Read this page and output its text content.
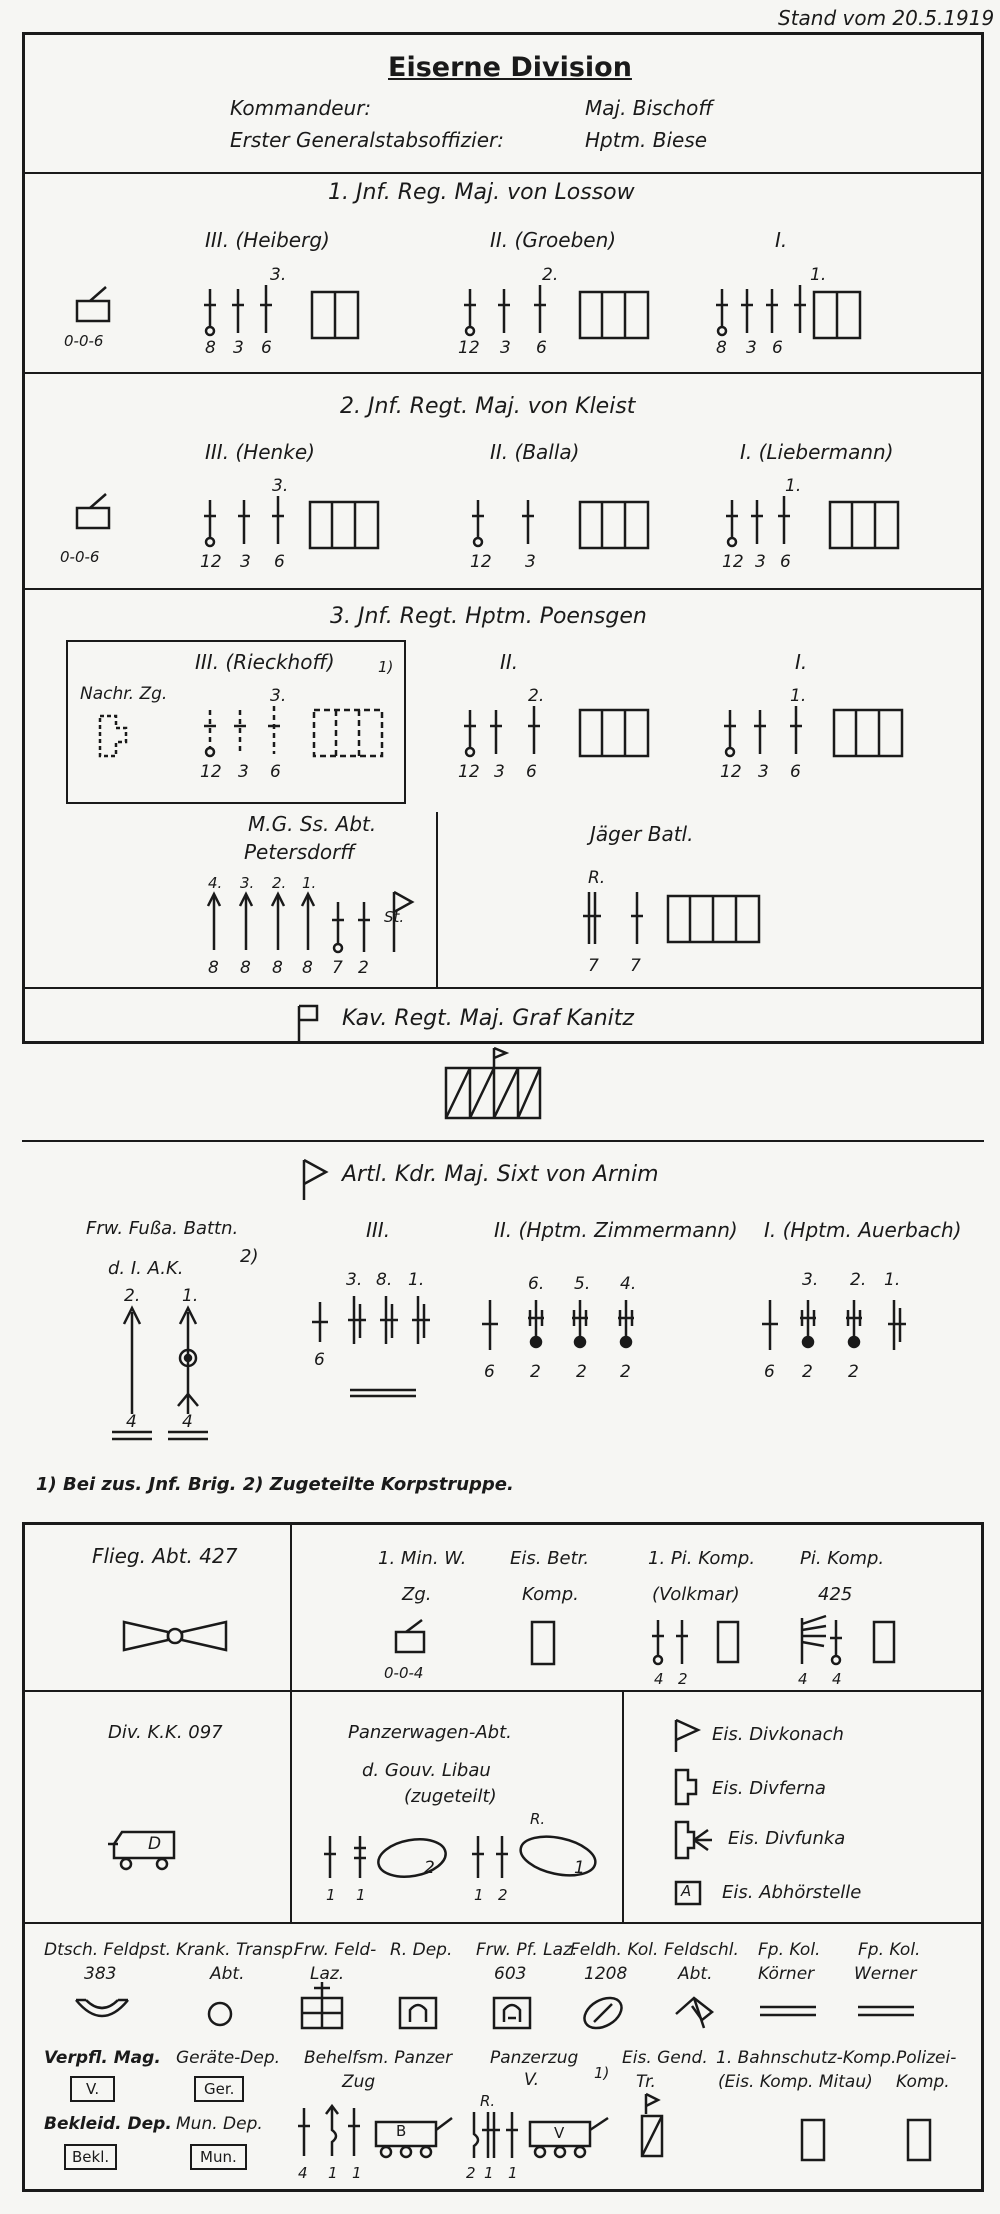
Stand vom 20.5.1919
Eiserne Division
Kommandeur:	Maj. Bischoff
Erster Generalstabsoffizier:	Hptm. Biese
1. Jnf. Reg. Maj. von Lossow
0-0-6
III. (Heiberg)
3.
8 3 6
II. (Groeben)
2.
12 3 6
I.
1.
8 3 6
2. Jnf. Regt. Maj. von Kleist
0-0-6
III. (Henke)
3.
12 3 6
II. (Balla)
12 3
I. (Liebermann)
1.
12 3 6
3. Jnf. Regt. Hptm. Poensgen
Nachr. Zg.
III. (Rieckhoff)	1)
3.
12 3 6
II.
2.
12 3 6
I.
1.
12 3 6
M.G. Ss. Abt.
Petersdorff
4. 3. 2. 1.
St.
8 8 8 8 7 2
Jäger Batl.
R.
7 7
Kav. Regt. Maj. Graf Kanitz
Artl. Kdr. Maj. Sixt von Arnim
Frw. Fußa. Battn.
2)
d. I. A.K.
2. 1.
4	4
III.
3. 8. 1.
6
II. (Hptm. Zimmermann)
6. 5. 4.
6 2 2 2
I. (Hptm. Auerbach)
3. 2. 1.
6 2 2
1) Bei zus. Jnf. Brig. 2) Zugeteilte Korpstruppe.
Flieg. Abt. 427	1. Min. W.
Zg.
0-0-4
Eis. Betr.
Komp.
1. Pi. Komp.
(Volkmar)
4 2
Pi. Komp.
425
4 4
Div. K.K. 097
D
Panzerwagen-Abt.
d. Gouv. Libau
(zugeteilt)
R.
2	1
1 1	1 2
Eis. Divkonach
Eis. Divferna
Eis. Divfunka
A Eis. Abhörstelle
Dtsch. Feldpst.
383
Krank. Transp.
Abt.
Frw. Feld-
Laz.
R. Dep. Frw. Pf. Laz.
603
Feldh. Kol.
1208
Feldschl.
Abt.
Fp. Kol.
Körner
Fp. Kol.
Werner
Verpfl. Mag.
V.
Geräte-Dep.
Ger.
Behelfsm. Panzer
Zug
Panzerzug
V.	1)
Eis. Gend.
Tr.
1. Bahnschutz-Komp.
(Eis. Komp. Mitau)
Polizei-
Komp.
Bekleid. Dep.
Bekl.
Mun. Dep.
Mun.
B
4 1 1
R.
V
2 1 1
